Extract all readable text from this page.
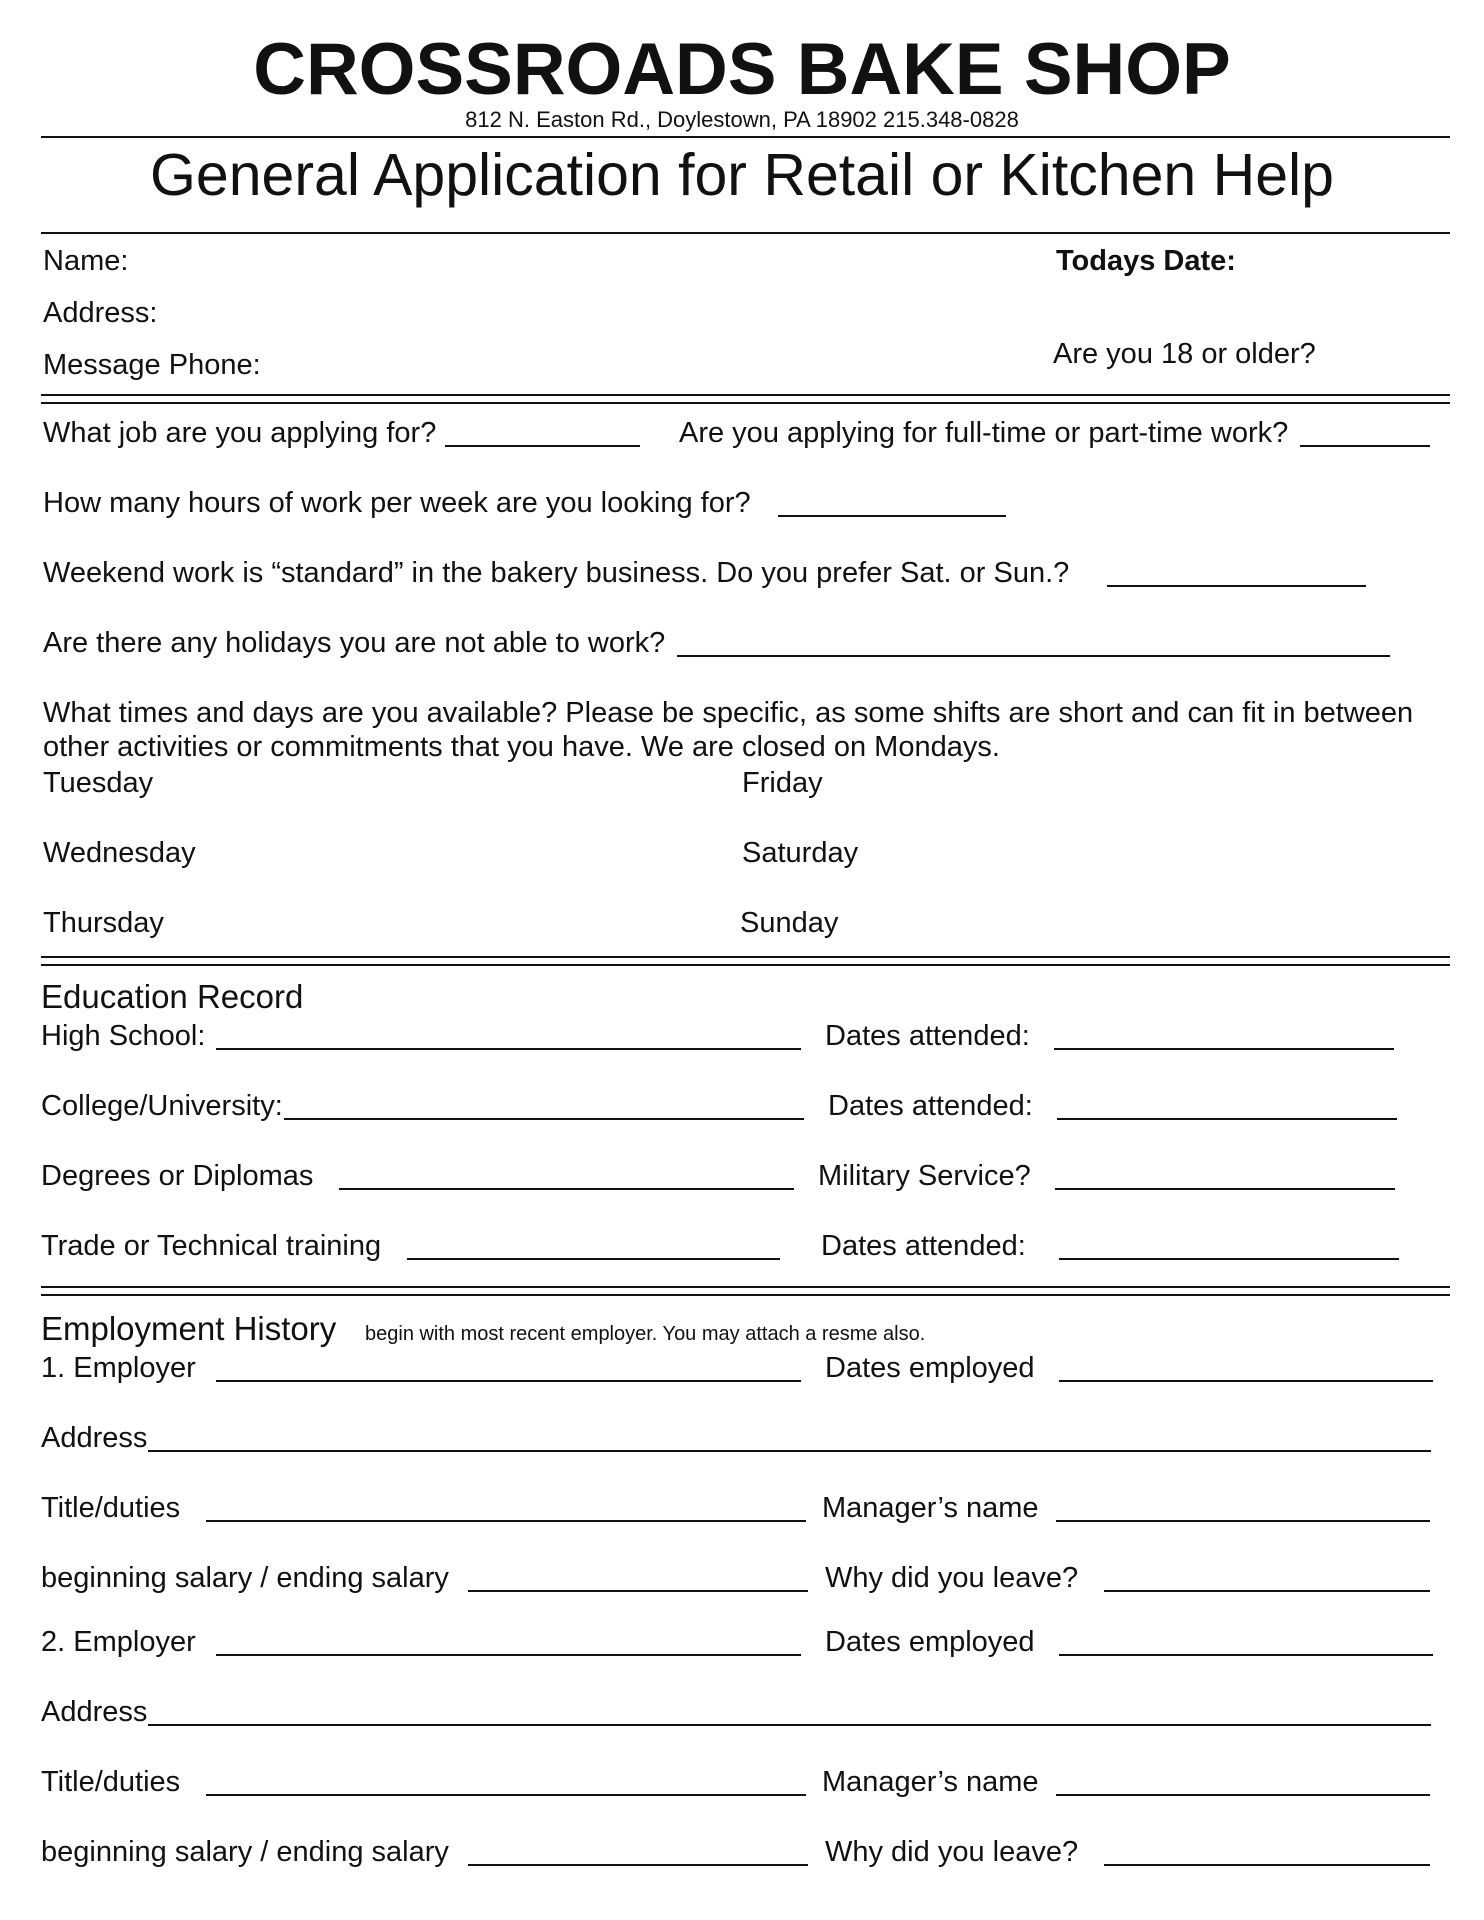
CROSSROADS BAKE SHOP
812 N. Easton Rd., Doylestown, PA 18902 215.348-0828
General Application for Retail or Kitchen Help
Name:	Todays Date:
Address:
Are you 18 or older?
Message Phone:
What job are you applying for?	Are you applying for full-time or part-time work?
How many hours of work per week are you looking for?
Weekend work is “standard” in the bakery business. Do you prefer Sat. or Sun.?
Are there any holidays you are not able to work?
What times and days are you available? Please be specific, as some shifts are short and can fit in between
other activities or commitments that you have. We are closed on Mondays.
Tuesday	Friday
Wednesday	Saturday
Thursday	Sunday
Education Record
High School:	Dates attended:
College/University:	Dates attended:
Degrees or Diplomas	Military Service?
Trade or Technical training	Dates attended:
Employment History begin with most recent employer. You may attach a resme also.
1. Employer	Dates employed
Address
Title/duties	Manager’s name
beginning salary / ending salary	Why did you leave?
2. Employer	Dates employed
Address
Title/duties	Manager’s name
beginning salary / ending salary	Why did you leave?
